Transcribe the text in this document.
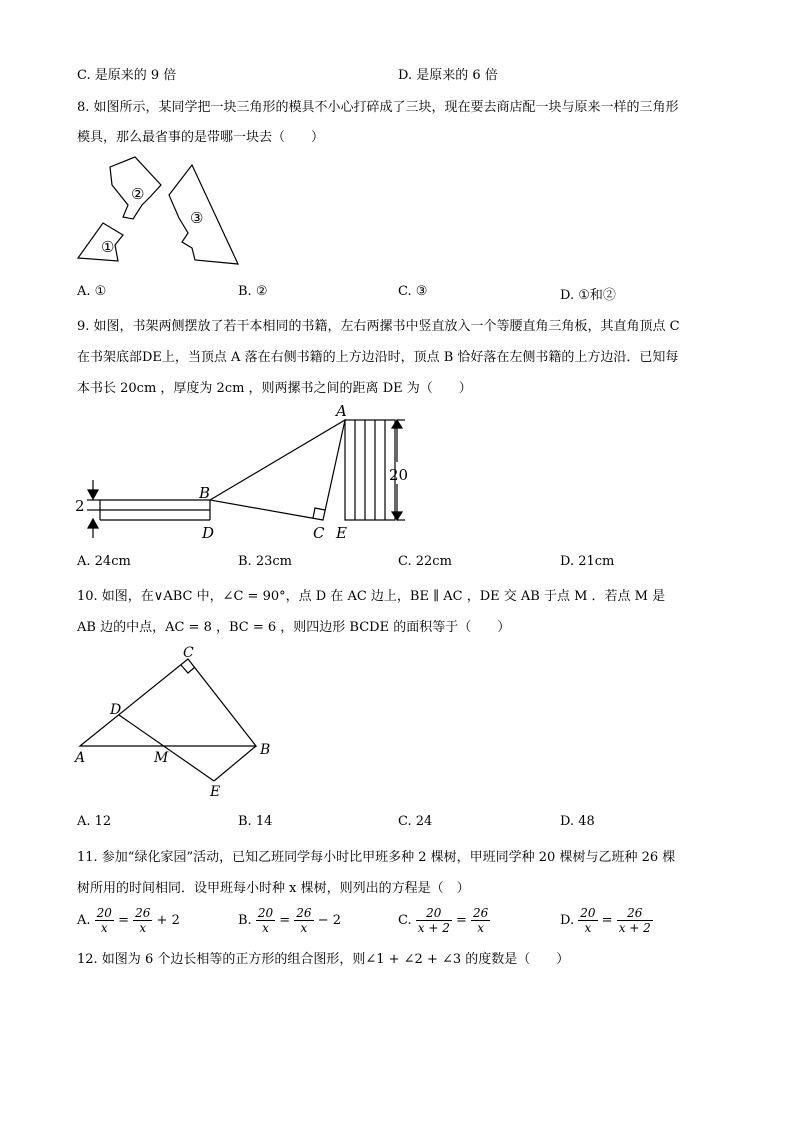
C. 是原来的 9 倍	D. 是原来的 6 倍
8. 如图所示，某同学把一块三角形的模具不小心打碎成了三块，现在要去商店配一块与原来一样的三角形
模具，那么最省事的是带哪一块去（　　）
①
②
③
A. ①	B. ②	C. ③	D. ①和②
9. 如图，书架两侧摆放了若干本相同的书籍，左右两摞书中竖直放入一个等腰直角三角板，其直角顶点 C
在书架底部DE上，当顶点 A 落在右侧书籍的上方边沿时，顶点 B 恰好落在左侧书籍的上方边沿．已知每
本书长 20cm ，厚度为 2cm ，则两摞书之间的距离 DE 为（　　）
A
B
D	C E
20
2
A. 24cm	B. 23cm	C. 22cm	D. 21cm
10. 如图，在∨ABC 中，∠C = 90°，点 D 在 AC 边上，BE ∥ AC ，DE 交 AB 于点 M ．若点 M 是
AB 边的中点，AC = 8 ，BC = 6 ，则四边形 BCDE 的面积等于（　　）
C
D
A	M	B
E
A. 12	B. 14	C. 24	D. 48
11. 参加“绿化家园”活动，已知乙班同学每小时比甲班多种 2 棵树，甲班同学种 20 棵树与乙班种 26 棵
树所用的时间相同．设甲班每小时种 x 棵树，则列出的方程是（　）
A. $\frac{20}{x} = \frac{26}{x} + 2$	B. $\frac{20}{x} = \frac{26}{x} - 2$	C. $\frac{20}{x + 2} = \frac{26}{x}$	D. $\frac{20}{x} = \frac{26}{x + 2}$
12. 如图为 6 个边长相等的正方形的组合图形，则∠1 + ∠2 + ∠3 的度数是（　　）
